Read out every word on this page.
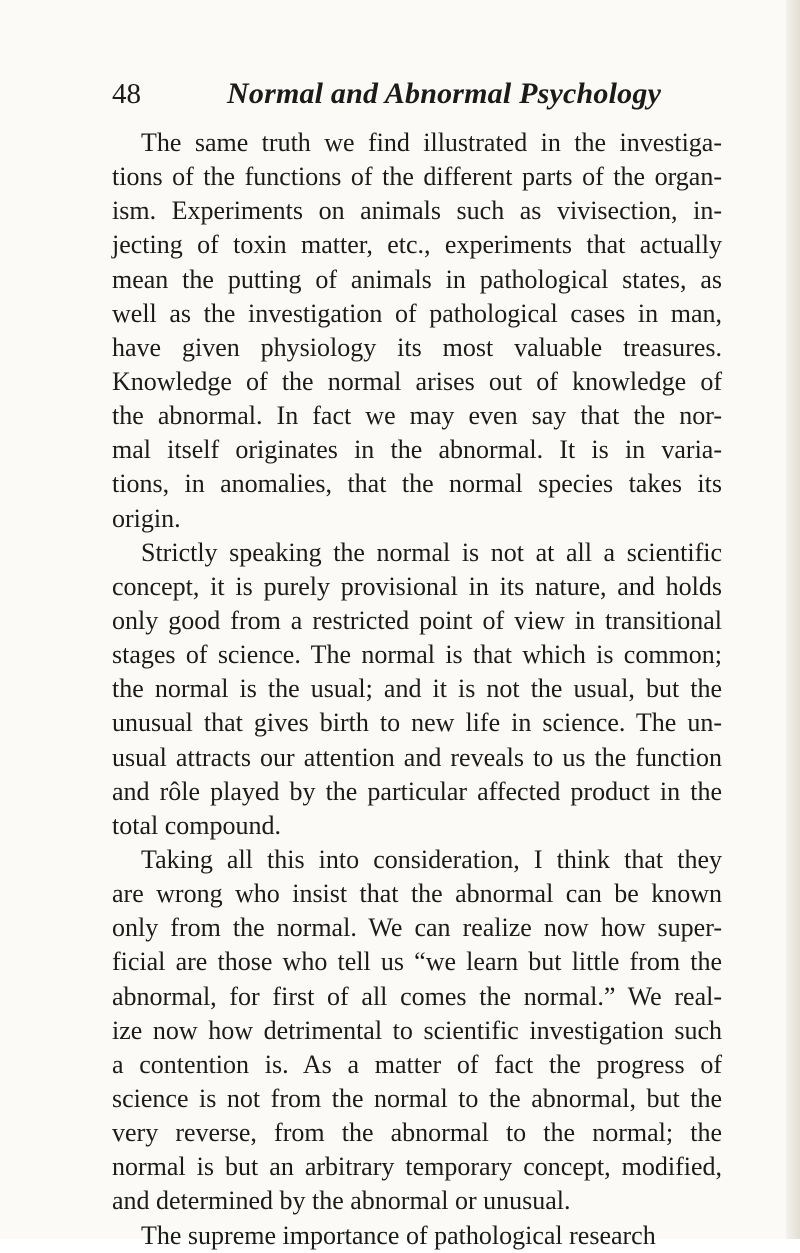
48	Normal and Abnormal Psychology
The same truth we find illustrated in the investiga-
tions of the functions of the different parts of the organ-
ism. Experiments on animals such as vivisection, in-
jecting of toxin matter, etc., experiments that actually
mean the putting of animals in pathological states, as
well as the investigation of pathological cases in man,
have given physiology its most valuable treasures.
Knowledge of the normal arises out of knowledge of
the abnormal. In fact we may even say that the nor-
mal itself originates in the abnormal. It is in varia-
tions, in anomalies, that the normal species takes its
origin.
Strictly speaking the normal is not at all a scientific
concept, it is purely provisional in its nature, and holds
only good from a restricted point of view in transitional
stages of science. The normal is that which is common;
the normal is the usual; and it is not the usual, but the
unusual that gives birth to new life in science. The un-
usual attracts our attention and reveals to us the function
and rôle played by the particular affected product in the
total compound.
Taking all this into consideration, I think that they
are wrong who insist that the abnormal can be known
only from the normal. We can realize now how super-
ficial are those who tell us “we learn but little from the
abnormal, for first of all comes the normal.” We real-
ize now how detrimental to scientific investigation such
a contention is. As a matter of fact the progress of
science is not from the normal to the abnormal, but the
very reverse, from the abnormal to the normal; the
normal is but an arbitrary temporary concept, modified,
and determined by the abnormal or unusual.
The supreme importance of pathological research
